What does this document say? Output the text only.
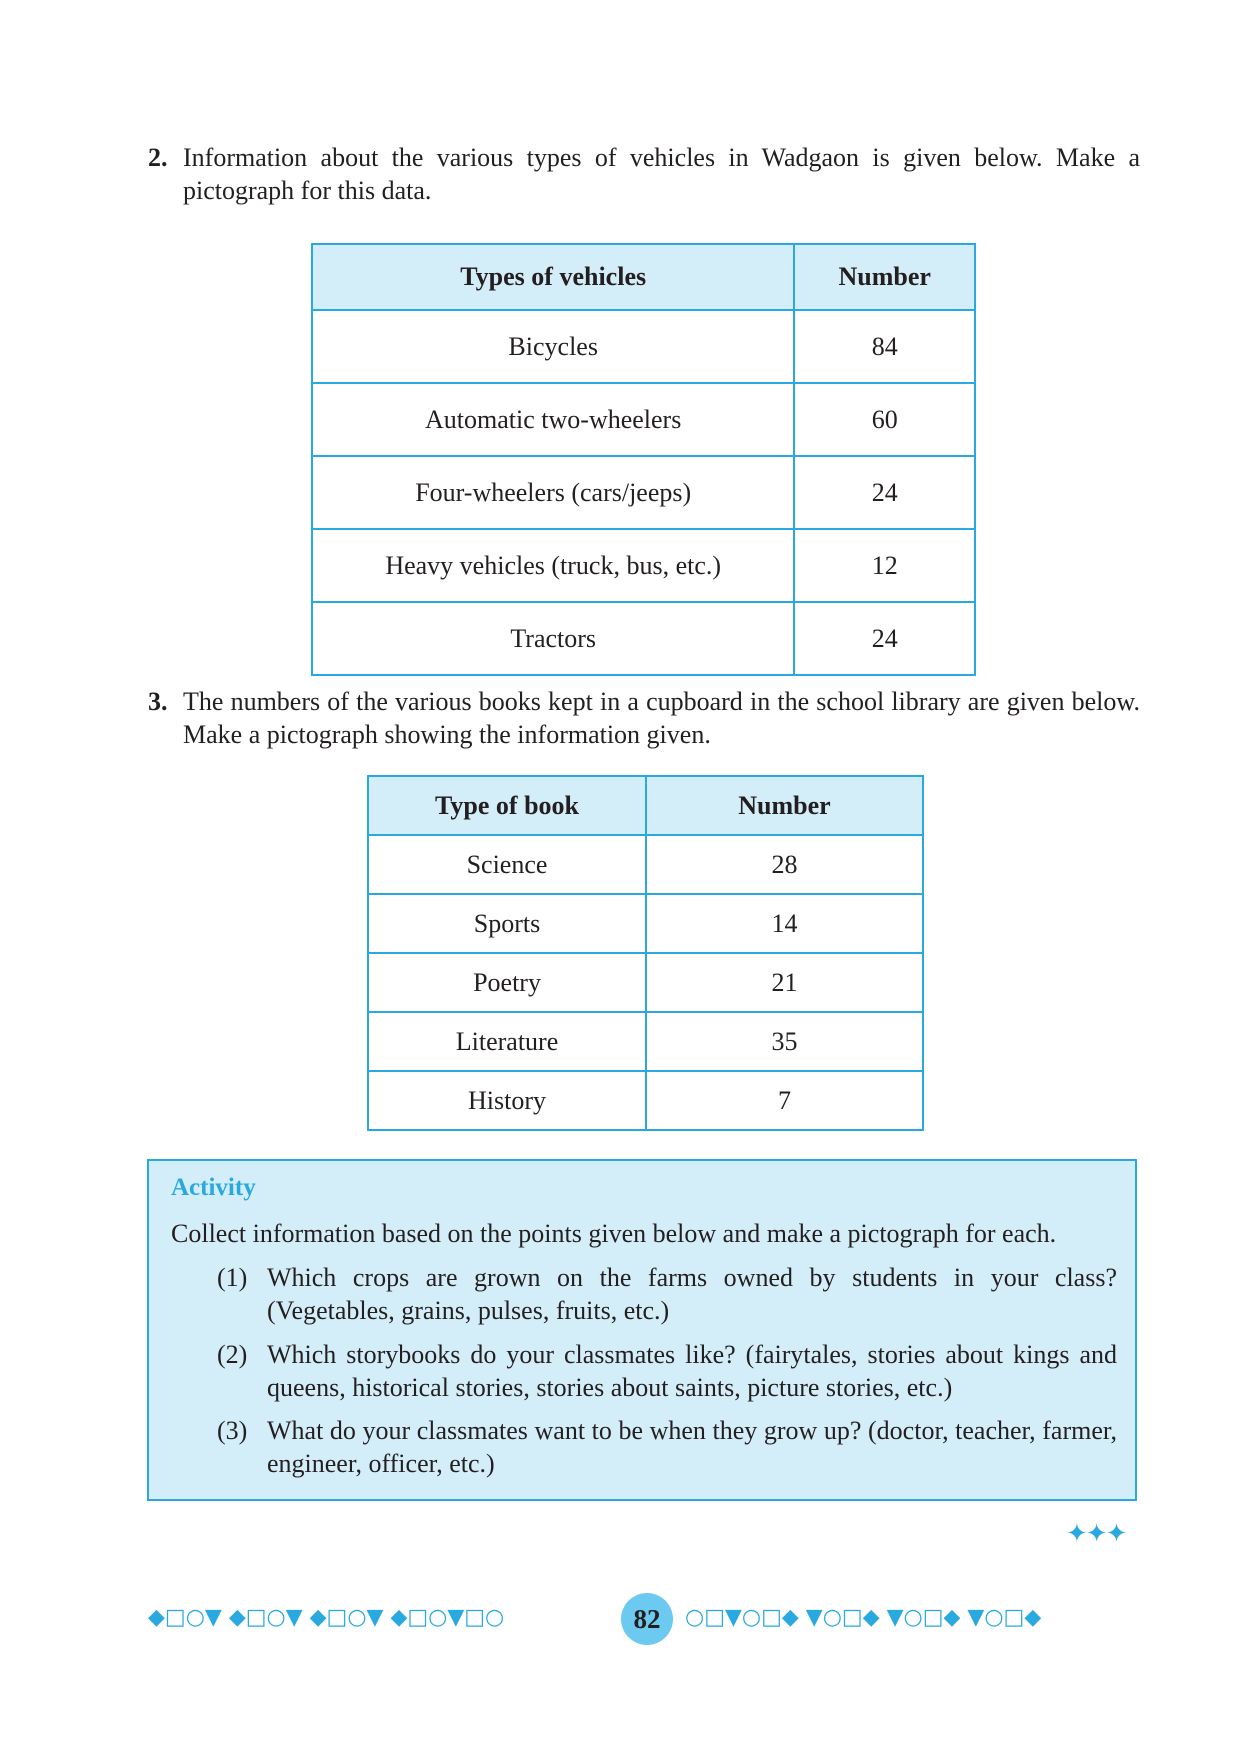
2. Information about the various types of vehicles in Wadgaon is given below. Make a pictograph for this data.
Types of vehicles	Number
Bicycles	84
Automatic two-wheelers	60
Four-wheelers (cars/jeeps)	24
Heavy vehicles (truck, bus, etc.)	12
Tractors	24
3. The numbers of the various books kept in a cupboard in the school library are given below. Make a pictograph showing the information given.
Type of book	Number
Science	28
Sports	14
Poetry	21
Literature	35
History	7
Activity
Collect information based on the points given below and make a pictograph for each.
(1) Which crops are grown on the farms owned by students in your class? (Vegetables, grains, pulses, fruits, etc.)
(2) Which storybooks do your classmates like? (fairytales, stories about kings and queens, historical stories, stories about saints, picture stories, etc.)
(3) What do your classmates want to be when they grow up? (doctor, teacher, farmer, engineer, officer, etc.)
✦✦✦
◆□○▼ ◆□○▼ ◆□○▼ ◆□○▼□○	82	○□▼○□◆ ▼○□◆ ▼○□◆ ▼○□◆
